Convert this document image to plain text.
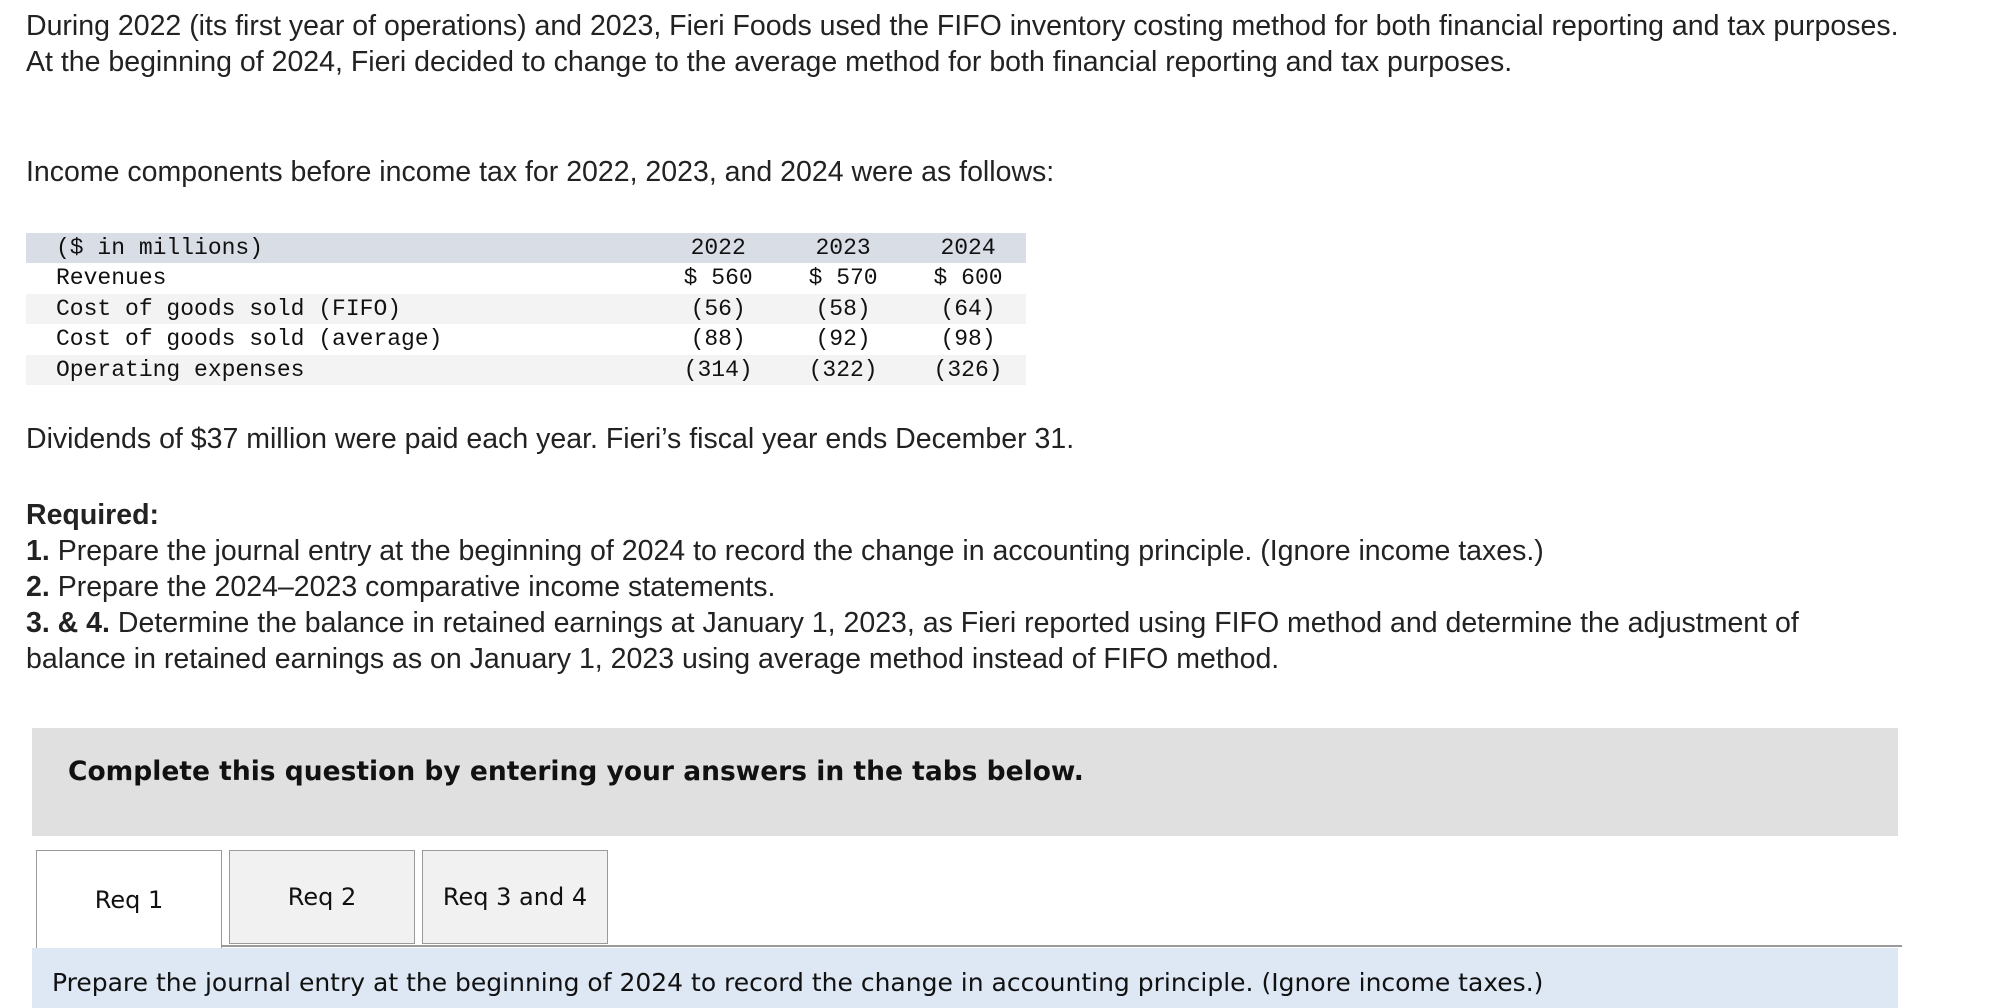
During 2022 (its first year of operations) and 2023, Fieri Foods used the FIFO inventory costing method for both financial reporting and tax purposes. At the beginning of 2024, Fieri decided to change to the average method for both financial reporting and tax purposes.

Income components before income tax for 2022, 2023, and 2024 were as follows:

($ in millions)	2022	2023	2024
Revenues	$ 560	$ 570	$ 600
Cost of goods sold (FIFO)	(56)	(58)	(64)
Cost of goods sold (average)	(88)	(92)	(98)
Operating expenses	(314)	(322)	(326)

Dividends of $37 million were paid each year. Fieri’s fiscal year ends December 31.

Required:

1. Prepare the journal entry at the beginning of 2024 to record the change in accounting principle. (Ignore income taxes.)

2. Prepare the 2024–2023 comparative income statements.

3. & 4. Determine the balance in retained earnings at January 1, 2023, as Fieri reported using FIFO method and determine the adjustment of balance in retained earnings as on January 1, 2023 using average method instead of FIFO method.

Complete this question by entering your answers in the tabs below.
Req 1	Req 2	Req 3 and 4
Prepare the journal entry at the beginning of 2024 to record the change in accounting principle. (Ignore income taxes.)
